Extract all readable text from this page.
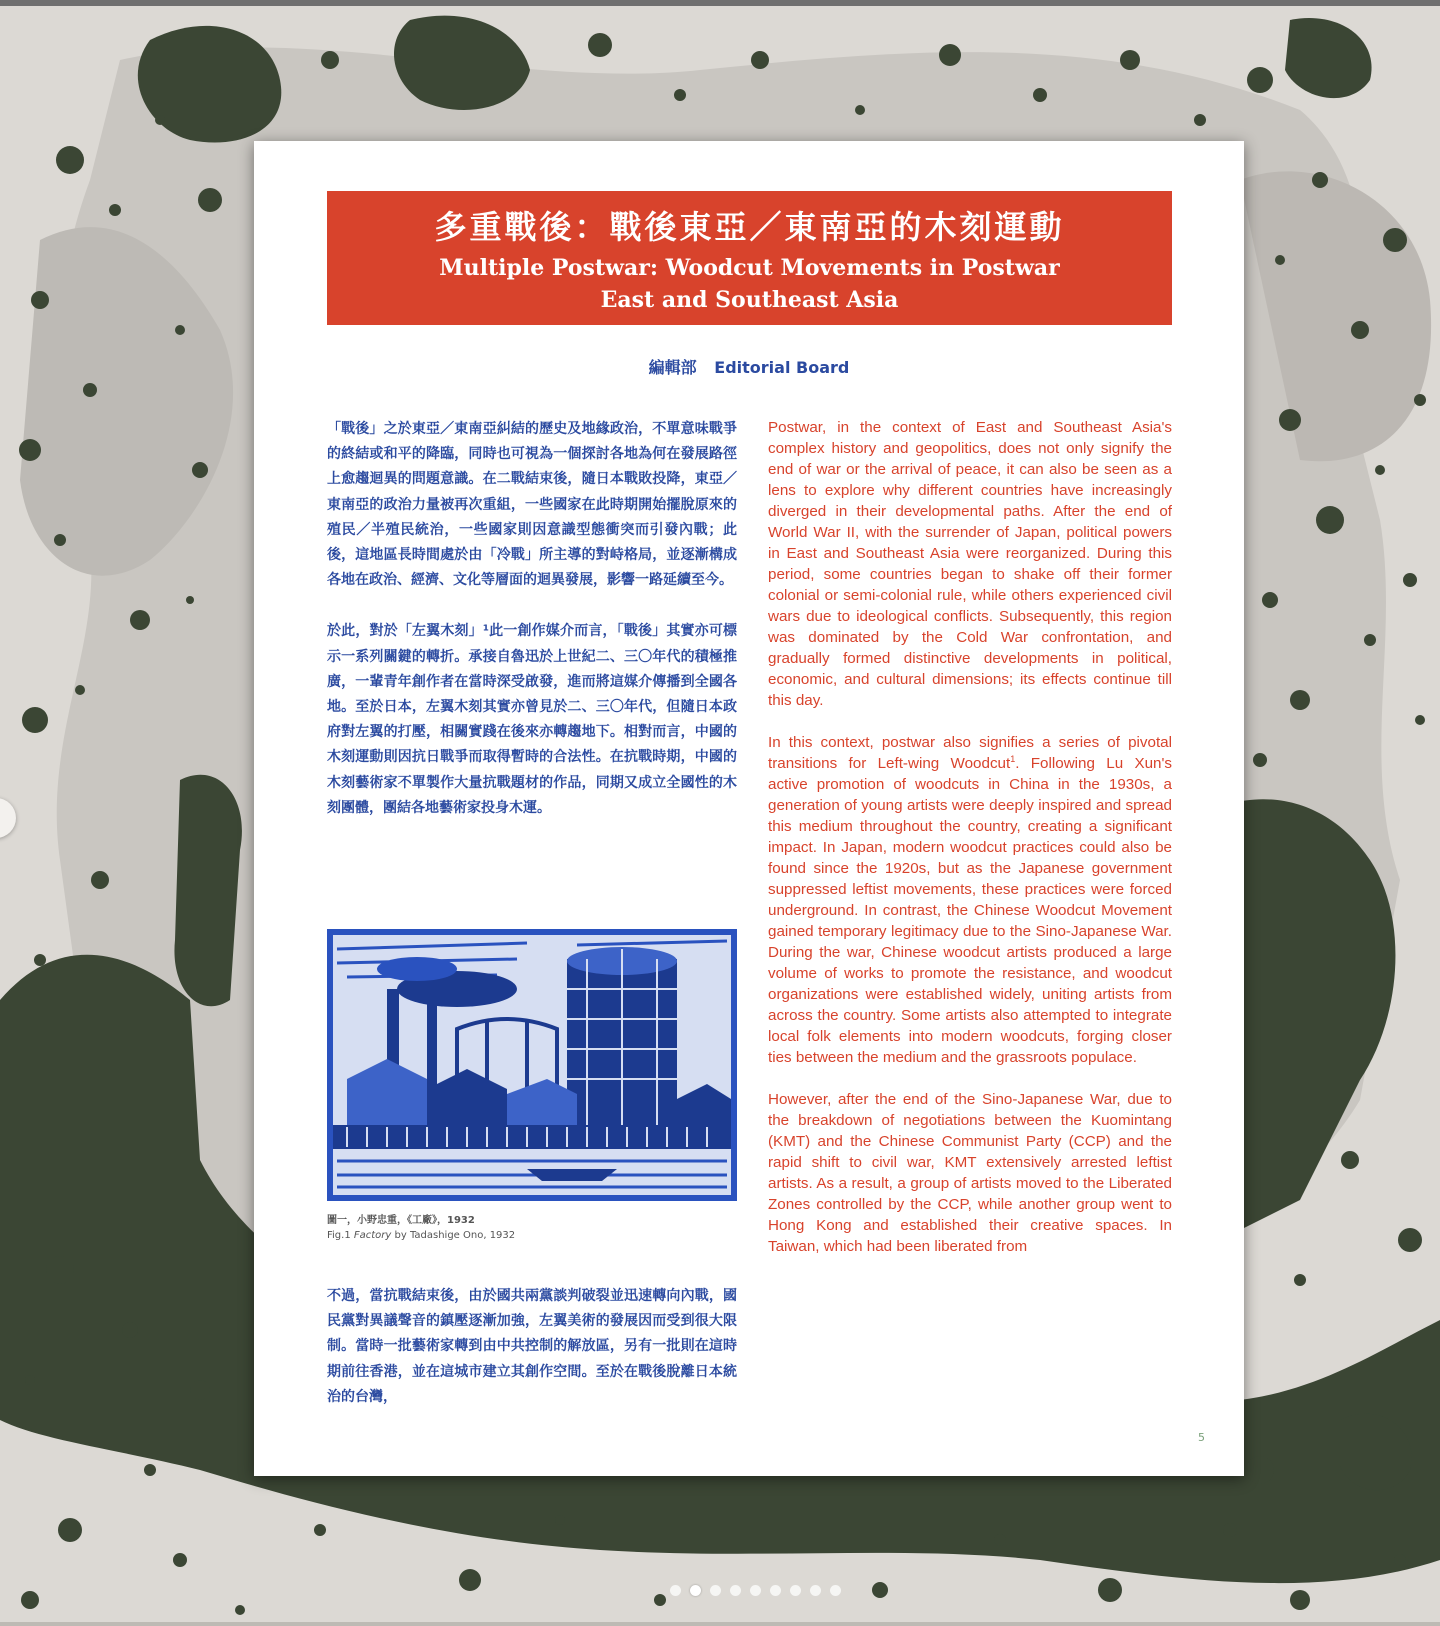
多重戰後：戰後東亞／東南亞的木刻運動
Multiple Postwar: Woodcut Movements in Postwar
East and Southeast Asia
編輯部 Editorial Board

「戰後」之於東亞／東南亞糾結的歷史及地緣政治，不單意味戰爭的終結或和平的降臨，同時也可視為一個探討各地為何在發展路徑上愈趨迴異的問題意識。在二戰結束後，隨日本戰敗投降，東亞／東南亞的政治力量被再次重組，一些國家在此時期開始擺脫原來的殖民／半殖民統治，一些國家則因意識型態衝突而引發內戰；此後，這地區長時間處於由「冷戰」所主導的對峙格局，並逐漸構成各地在政治、經濟、文化等層面的迴異發展，影響一路延續至今。

於此，對於「左翼木刻」¹此一創作媒介而言，「戰後」其實亦可標示一系列關鍵的轉折。承接自魯迅於上世紀二、三〇年代的積極推廣，一輩青年創作者在當時深受啟發，進而將這媒介傳播到全國各地。至於日本，左翼木刻其實亦曾見於二、三〇年代，但隨日本政府對左翼的打壓，相關實踐在後來亦轉趨地下。相對而言，中國的木刻運動則因抗日戰爭而取得暫時的合法性。在抗戰時期，中國的木刻藝術家不單製作大量抗戰題材的作品，同期又成立全國性的木刻團體，團結各地藝術家投身木運。

圖一，小野忠重，《工廠》，1932
Fig.1 Factory by Tadashige Ono, 1932

不過，當抗戰結束後，由於國共兩黨談判破裂並迅速轉向內戰，國民黨對異議聲音的鎮壓逐漸加強，左翼美術的發展因而受到很大限制。當時一批藝術家轉到由中共控制的解放區，另有一批則在這時期前往香港，並在這城市建立其創作空間。至於在戰後脫離日本統治的台灣，

Postwar, in the context of East and Southeast Asia's complex history and geopolitics, does not only signify the end of war or the arrival of peace, it can also be seen as a lens to explore why different countries have increasingly diverged in their developmental paths. After the end of World War II, with the surrender of Japan, political powers in East and Southeast Asia were reorganized. During this period, some countries began to shake off their former colonial or semi-colonial rule, while others experienced civil wars due to ideological conflicts. Subsequently, this region was dominated by the Cold War confrontation, and gradually formed distinctive developments in political, economic, and cultural dimensions; its effects continue till this day.

In this context, postwar also signifies a series of pivotal transitions for Left-wing Woodcut$^1$. Following Lu Xun's active promotion of woodcuts in China in the 1930s, a generation of young artists were deeply inspired and spread this medium throughout the country, creating a significant impact. In Japan, modern woodcut practices could also be found since the 1920s, but as the Japanese government suppressed leftist movements, these practices were forced underground. In contrast, the Chinese Woodcut Movement gained temporary legitimacy due to the Sino-Japanese War. During the war, Chinese woodcut artists produced a large volume of works to promote the resistance, and woodcut organizations were established widely, uniting artists from across the country. Some artists also attempted to integrate local folk elements into modern woodcuts, forging closer ties between the medium and the grassroots populace.

However, after the end of the Sino-Japanese War, due to the breakdown of negotiations between the Kuomintang (KMT) and the Chinese Communist Party (CCP) and the rapid shift to civil war, KMT extensively arrested leftist artists. As a result, a group of artists moved to the Liberated Zones controlled by the CCP, while another group went to Hong Kong and established their creative spaces. In Taiwan, which had been liberated from

5
